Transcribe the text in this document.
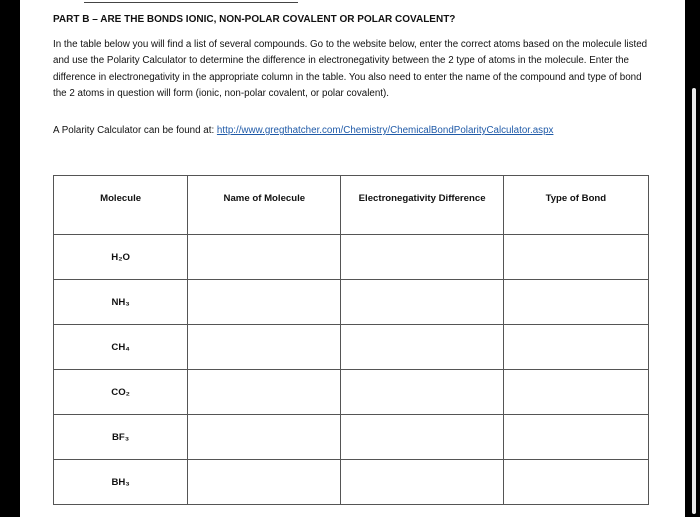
PART B – ARE THE BONDS IONIC, NON-POLAR COVALENT OR POLAR COVALENT?

In the table below you will find a list of several compounds. Go to the website below, enter the correct atoms based on the molecule listed and use the Polarity Calculator to determine the difference in electronegativity between the 2 type of atoms in the molecule. Enter the difference in electronegativity in the appropriate column in the table. You also need to enter the name of the compound and type of bond the 2 atoms in question will form (ionic, non-polar covalent, or polar covalent).

A Polarity Calculator can be found at: http://www.gregthatcher.com/Chemistry/ChemicalBondPolarityCalculator.aspx
Molecule	Name of Molecule	Electronegativity Difference	Type of Bond
H₂O			
NH₃			
CH₄			
CO₂			
BF₃			
BH₃			
